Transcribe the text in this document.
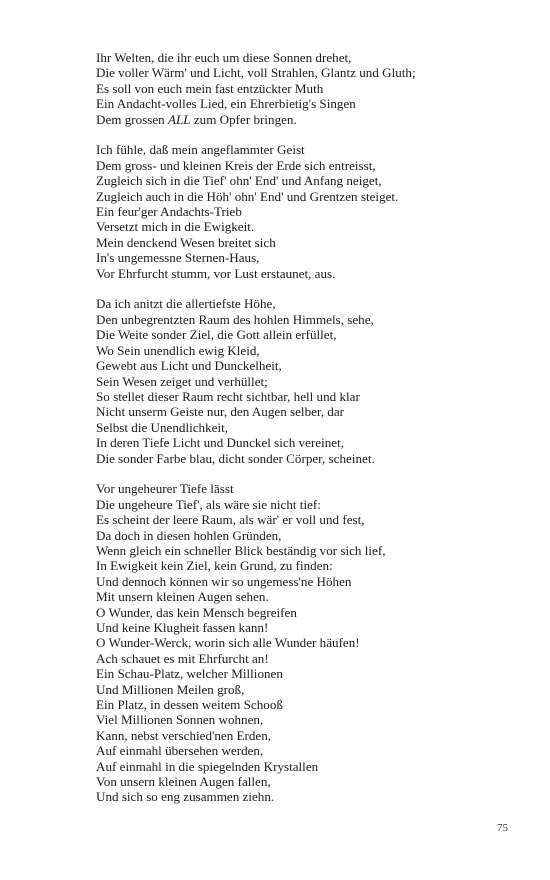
Ihr Welten, die ihr euch um diese Sonnen drehet,
Die voller Wärm' und Licht, voll Strahlen, Glantz und Gluth;
Es soll von euch mein fast entzückter Muth
Ein Andacht-volles Lied, ein Ehrerbietig's Singen
Dem grossen ALL zum Opfer bringen.
Ich fühle, daß mein angeflammter Geist
Dem gross- und kleinen Kreis der Erde sich entreisst,
Zugleich sich in die Tief' ohn' End' und Anfang neiget,
Zugleich auch in die Höh' ohn' End' und Grentzen steiget.
Ein feur'ger Andachts-Trieb
Versetzt mich in die Ewigkeit.
Mein denckend Wesen breitet sich
In's ungemessne Sternen-Haus,
Vor Ehrfurcht stumm, vor Lust erstaunet, aus.
Da ich anitzt die allertiefste Höhe,
Den unbegrentzten Raum des hohlen Himmels, sehe,
Die Weite sonder Ziel, die Gott allein erfüllet,
Wo Sein unendlich ewig Kleid,
Gewebt aus Licht und Dunckelheit,
Sein Wesen zeiget und verhüllet;
So stellet dieser Raum recht sichtbar, hell und klar
Nicht unserm Geiste nur, den Augen selber, dar
Selbst die Unendlichkeit,
In deren Tiefe Licht und Dunckel sich vereinet,
Die sonder Farbe blau, dicht sonder Cörper, scheinet.
Vor ungeheurer Tiefe lässt
Die ungeheure Tief', als wäre sie nicht tief:
Es scheint der leere Raum, als wär' er voll und fest,
Da doch in diesen hohlen Gründen,
Wenn gleich ein schneller Blick beständig vor sich lief,
In Ewigkeit kein Ziel, kein Grund, zu finden:
Und dennoch können wir so ungemess'ne Höhen
Mit unsern kleinen Augen sehen.
O Wunder, das kein Mensch begreifen
Und keine Klugheit fassen kann!
O Wunder-Werck, worin sich alle Wunder häufen!
Ach schauet es mit Ehrfurcht an!
Ein Schau-Platz, welcher Millionen
Und Millionen Meilen groß,
Ein Platz, in dessen weitem Schooß
Viel Millionen Sonnen wohnen,
Kann, nebst verschied'nen Erden,
Auf einmahl übersehen werden,
Auf einmahl in die spiegelnden Krystallen
Von unsern kleinen Augen fallen,
Und sich so eng zusammen ziehn.
75
